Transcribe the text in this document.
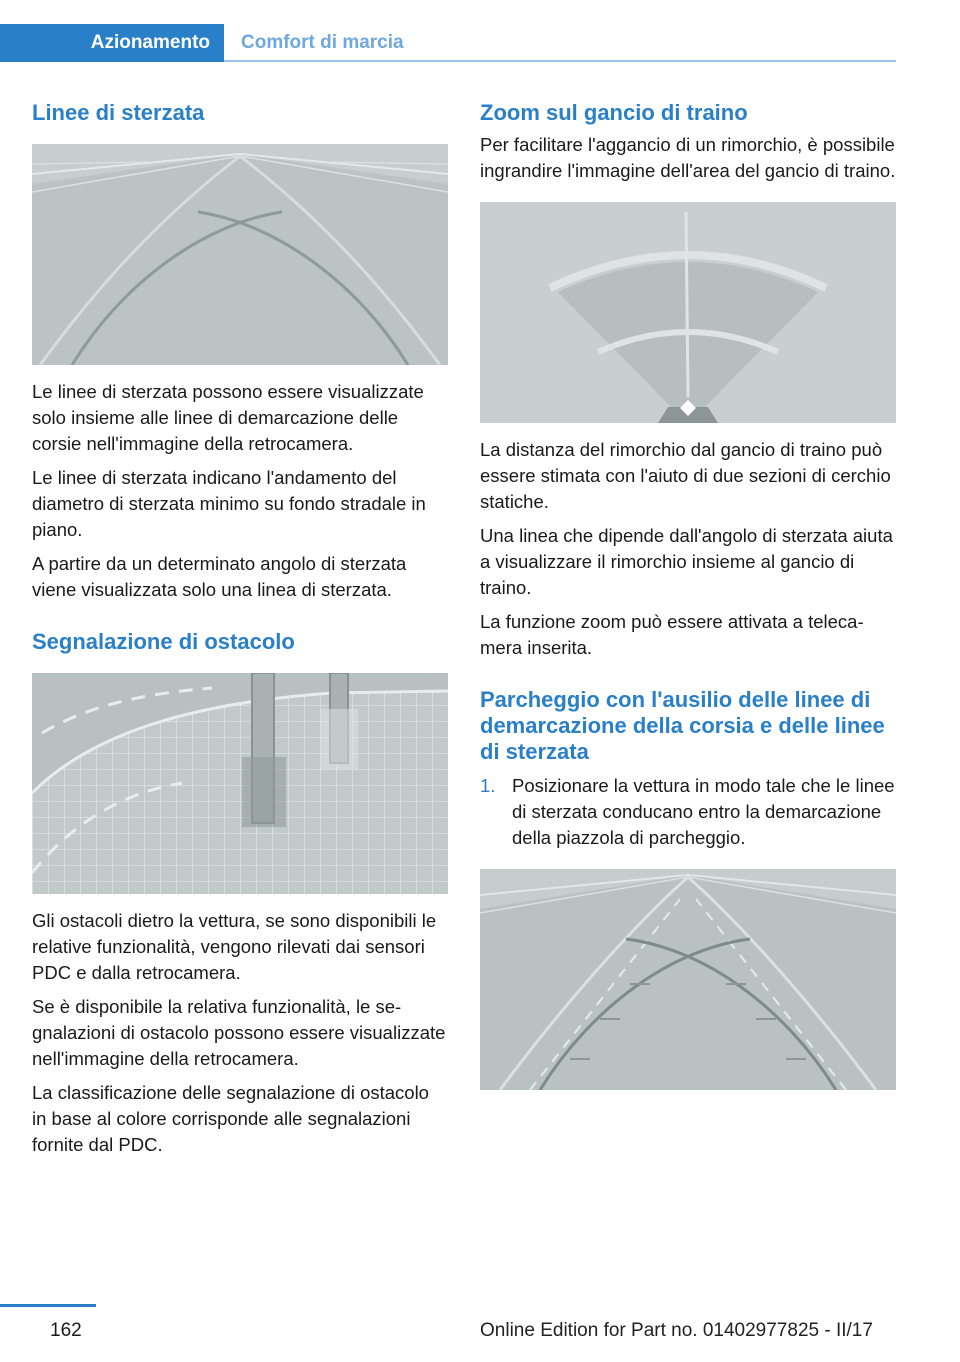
Azionamento	Comfort di marcia
Linee di sterzata

Le linee di sterzata possono essere visualizzate solo insieme alle linee di demarcazione delle corsie nell'immagine della retrocamera.

Le linee di sterzata indicano l'andamento del diametro di sterzata minimo su fondo stradale in piano.

A partire da un determinato angolo di sterzata viene visualizzata solo una linea di sterzata.

Segnalazione di ostacolo

Gli ostacoli dietro la vettura, se sono disponibili le relative funzionalità, vengono rilevati dai sensori PDC e dalla retrocamera.

Se è disponibile la relativa funzionalità, le segnalazioni di ostacolo possono essere visualizzate nell'immagine della retrocamera.

La classificazione delle segnalazione di ostacolo in base al colore corrisponde alle segnalazioni fornite dal PDC.

Zoom sul gancio di traino

Per facilitare l'aggancio di un rimorchio, è possibile ingrandire l'immagine dell'area del gancio di traino.

La distanza del rimorchio dal gancio di traino può essere stimata con l'aiuto di due sezioni di cerchio statiche.

Una linea che dipende dall'angolo di sterzata aiuta a visualizzare il rimorchio insieme al gancio di traino.

La funzione zoom può essere attivata a telecamera inserita.

Parcheggio con l'ausilio delle linee di demarcazione della corsia e delle linee di sterzata
1. Posizionare la vettura in modo tale che le linee di sterzata conducano entro la demarcazione della piazzola di parcheggio.
162	Online Edition for Part no. 01402977825 - II/17
